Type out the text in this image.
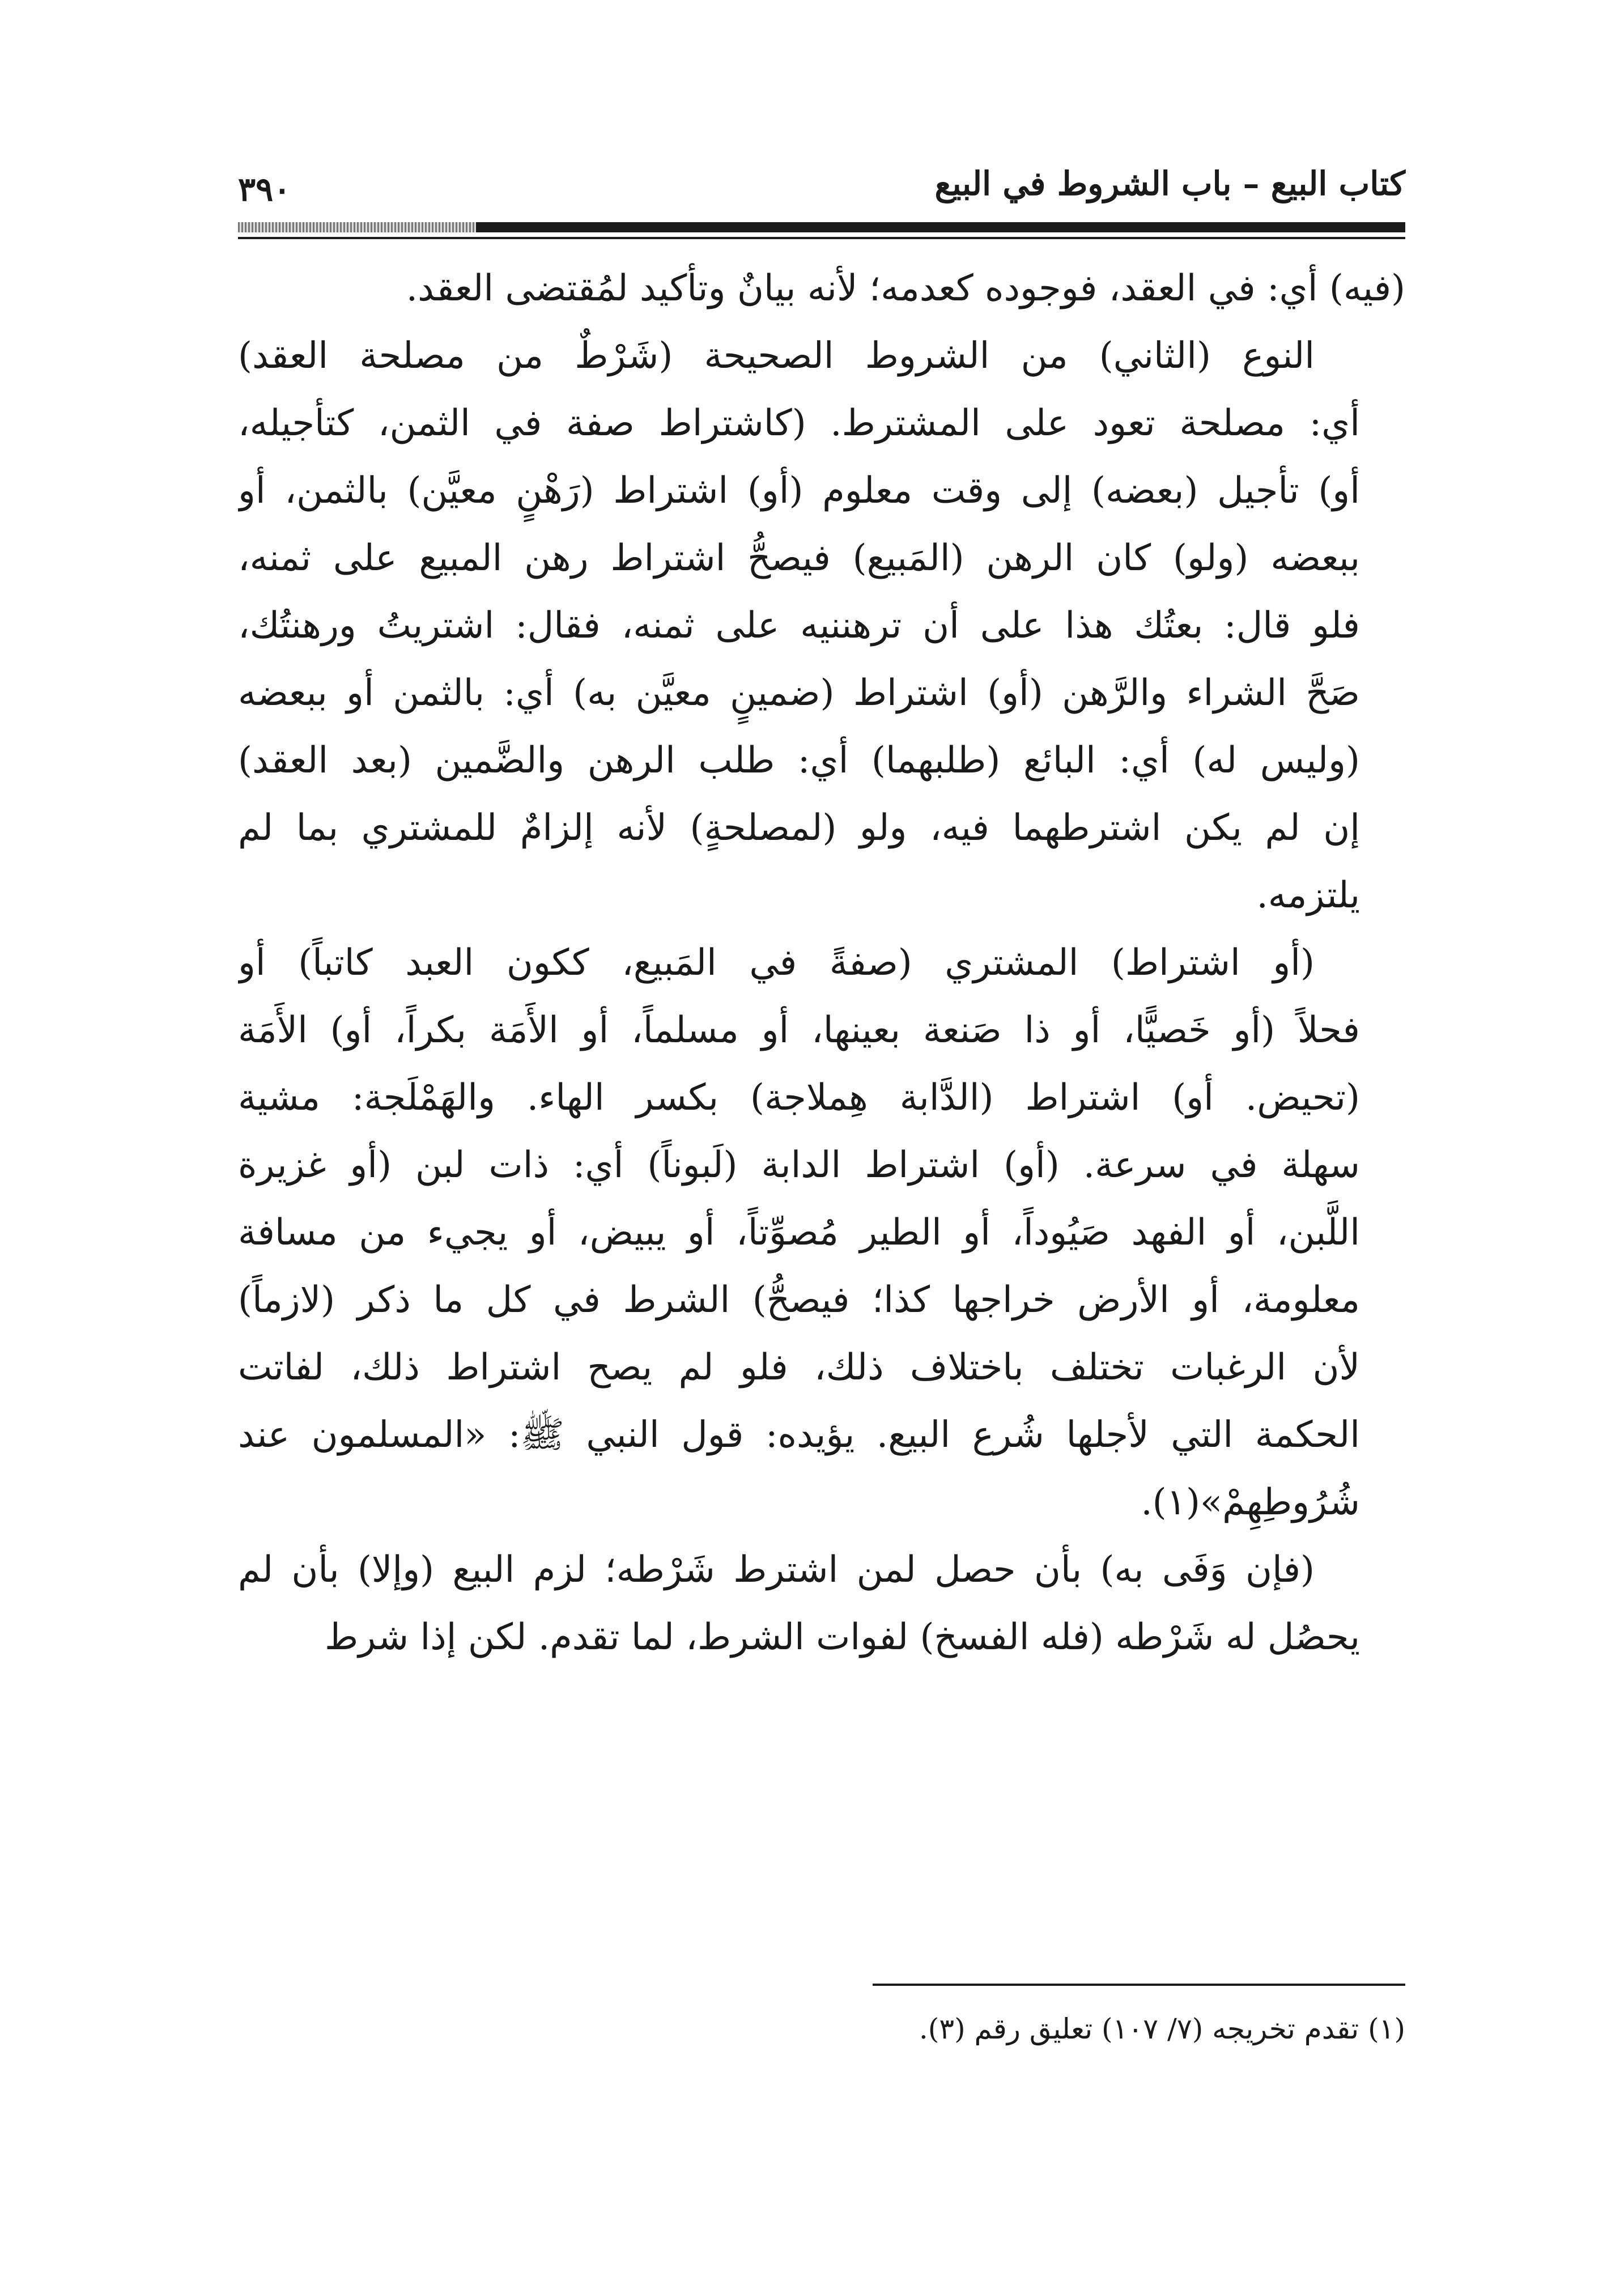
٣٩٠	كتاب البيع – باب الشروط في البيع
(فيه) أي: في العقد، فوجوده كعدمه؛ لأنه بيانٌ وتأكيد لمُقتضى العقد.
النوع (الثاني) من الشروط الصحيحة (شَرْطٌ من مصلحة العقد)
أي: مصلحة تعود على المشترط. (كاشتراط صفة في الثمن، كتأجيله،
أو) تأجيل (بعضه) إلى وقت معلوم (أو) اشتراط (رَهْنٍ معيَّن) بالثمن، أو
ببعضه (ولو) كان الرهن (المَبيع) فيصحُّ اشتراط رهن المبيع على ثمنه،
فلو قال: بعتُك هذا على أن ترهننيه على ثمنه، فقال: اشتريتُ ورهنتُك،
صَحَّ الشراء والرَّهن (أو) اشتراط (ضمينٍ معيَّن به) أي: بالثمن أو ببعضه
(وليس له) أي: البائع (طلبهما) أي: طلب الرهن والضَّمين (بعد العقد)
إن لم يكن اشترطهما فيه، ولو (لمصلحةٍ) لأنه إلزامٌ للمشتري بما لم
يلتزمه.
(أو اشتراط) المشتري (صفةً في المَبيع، ككون العبد كاتباً) أو
فحلاً (أو خَصيًّا، أو ذا صَنعة بعينها، أو مسلماً، أو الأَمَة بكراً، أو) الأَمَة
(تحيض. أو) اشتراط (الدَّابة هِملاجة) بكسر الهاء. والهَمْلَجة: مشية
سهلة في سرعة. (أو) اشتراط الدابة (لَبوناً) أي: ذات لبن (أو غزيرة
اللَّبن، أو الفهد صَيُوداً، أو الطير مُصوِّتاً، أو يبيض، أو يجيء من مسافة
معلومة، أو الأرض خراجها كذا؛ فيصحُّ) الشرط في كل ما ذكر (لازماً)
لأن الرغبات تختلف باختلاف ذلك، فلو لم يصح اشتراط ذلك، لفاتت
الحكمة التي لأجلها شُرع البيع. يؤيده: قول النبي ﷺ: «المسلمون عند
شُرُوطِهِمْ»(١).
(فإن وَفَى به) بأن حصل لمن اشترط شَرْطه؛ لزم البيع (وإلا) بأن لم
يحصُل له شَرْطه (فله الفسخ) لفوات الشرط، لما تقدم. لكن إذا شرط
(١) تقدم تخريجه (٧/ ١٠٧) تعليق رقم (٣).
